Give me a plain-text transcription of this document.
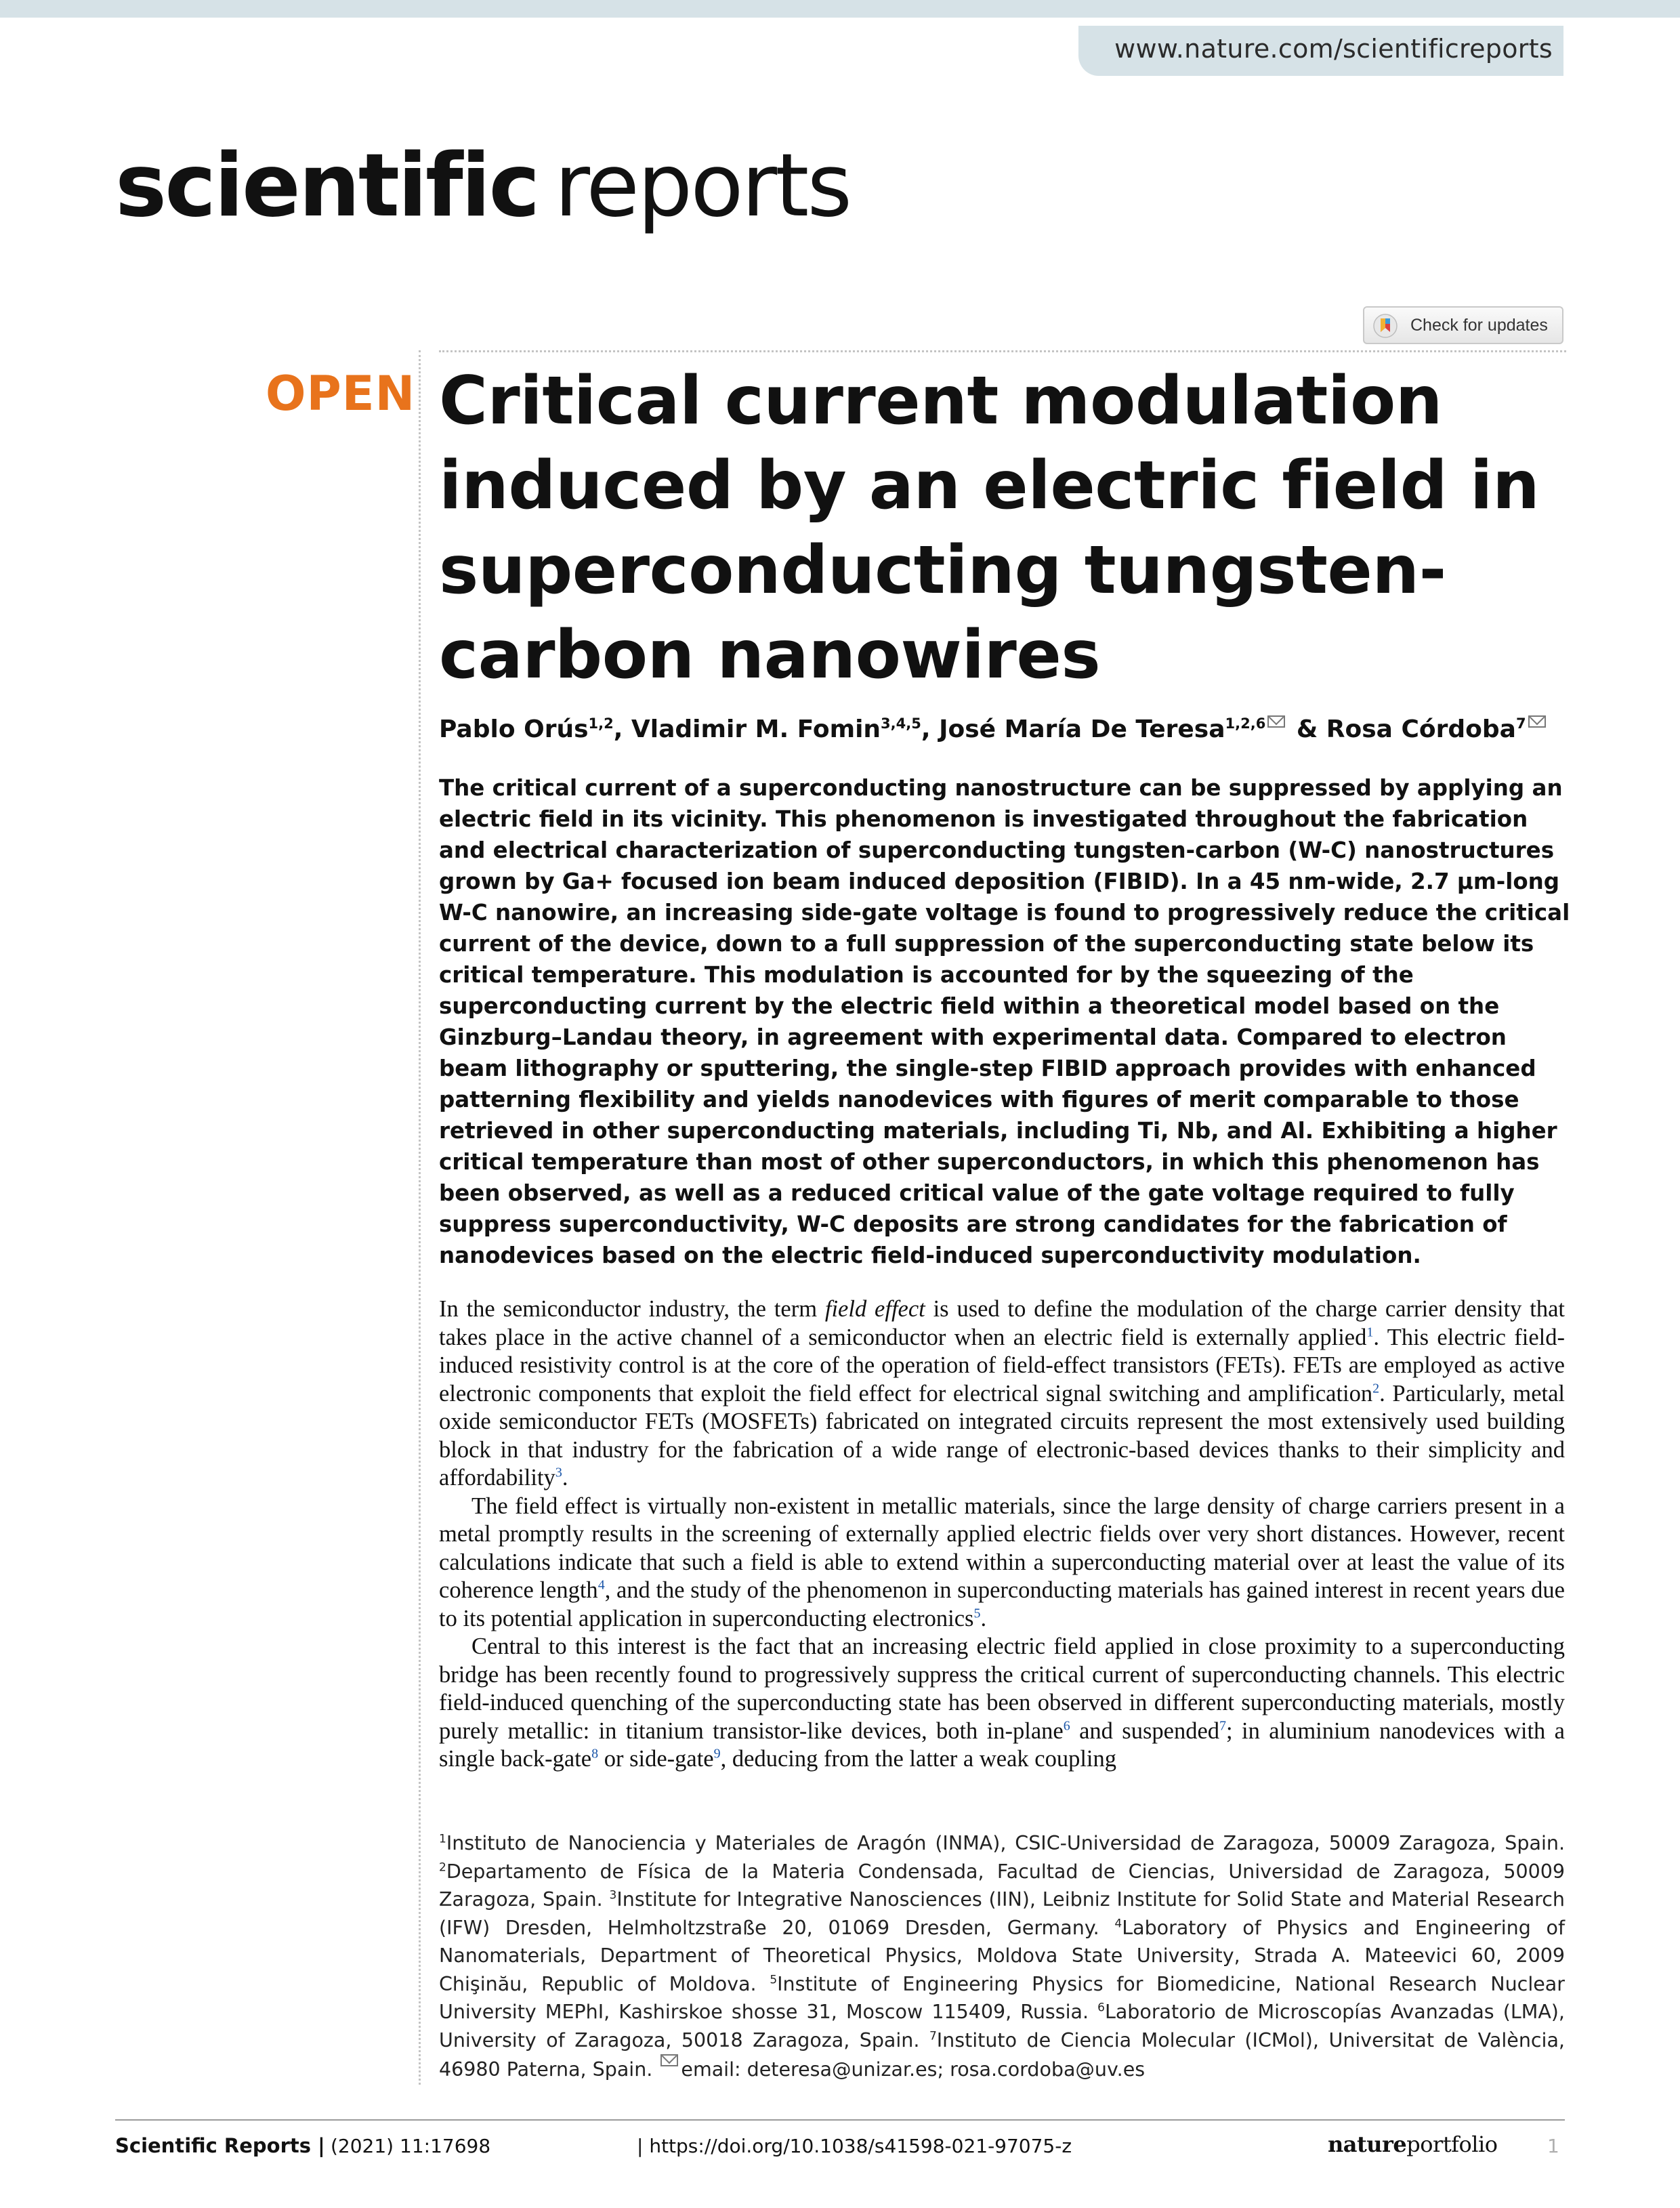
www.nature.com/scientificreports
scientific reports
Check for updates
OPEN Critical current modulation induced by an electric field in superconducting tungsten-carbon nanowires
Pablo Orús$^{1,2}$, Vladimir M. Fomin$^{3,4,5}$, José María De Teresa$^{1,2,6}$ & Rosa Córdoba$^7$

The critical current of a superconducting nanostructure can be suppressed by applying an electric field in its vicinity. This phenomenon is investigated throughout the fabrication and electrical characterization of superconducting tungsten-carbon (W-C) nanostructures grown by Ga+ focused ion beam induced deposition (FIBID). In a 45 nm-wide, 2.7 µm-long W-C nanowire, an increasing side-gate voltage is found to progressively reduce the critical current of the device, down to a full suppression of the superconducting state below its critical temperature. This modulation is accounted for by the squeezing of the superconducting current by the electric field within a theoretical model based on the Ginzburg–Landau theory, in agreement with experimental data. Compared to electron beam lithography or sputtering, the single-step FIBID approach provides with enhanced patterning flexibility and yields nanodevices with figures of merit comparable to those retrieved in other superconducting materials, including Ti, Nb, and Al. Exhibiting a higher critical temperature than most of other superconductors, in which this phenomenon has been observed, as well as a reduced critical value of the gate voltage required to fully suppress superconductivity, W-C deposits are strong candidates for the fabrication of nanodevices based on the electric field-induced superconductivity modulation.

In the semiconductor industry, the term field effect is used to define the modulation of the charge carrier density that takes place in the active channel of a semiconductor when an electric field is externally applied$^1$. This electric field-induced resistivity control is at the core of the operation of field-effect transistors (FETs). FETs are employed as active electronic components that exploit the field effect for electrical signal switching and amplification$^2$. Particularly, metal oxide semiconductor FETs (MOSFETs) fabricated on integrated circuits represent the most extensively used building block in that industry for the fabrication of a wide range of electronic-based devices thanks to their simplicity and affordability$^3$.

The field effect is virtually non-existent in metallic materials, since the large density of charge carriers present in a metal promptly results in the screening of externally applied electric fields over very short distances. However, recent calculations indicate that such a field is able to extend within a superconducting material over at least the value of its coherence length$^4$, and the study of the phenomenon in superconducting materials has gained interest in recent years due to its potential application in superconducting electronics$^5$.

Central to this interest is the fact that an increasing electric field applied in close proximity to a superconducting bridge has been recently found to progressively suppress the critical current of superconducting channels. This electric field-induced quenching of the superconducting state has been observed in different superconducting materials, mostly purely metallic: in titanium transistor-like devices, both in-plane$^6$ and suspended$^7$; in aluminium nanodevices with a single back-gate$^8$ or side-gate$^9$, deducing from the latter a weak coupling

$^1$Instituto de Nanociencia y Materiales de Aragón (INMA), CSIC-Universidad de Zaragoza, 50009 Zaragoza, Spain. $^2$Departamento de Física de la Materia Condensada, Facultad de Ciencias, Universidad de Zaragoza, 50009 Zaragoza, Spain. $^3$Institute for Integrative Nanosciences (IIN), Leibniz Institute for Solid State and Material Research (IFW) Dresden, Helmholtzstraße 20, 01069 Dresden, Germany. $^4$Laboratory of Physics and Engineering of Nanomaterials, Department of Theoretical Physics, Moldova State University, Strada A. Mateevici 60, 2009 Chişinău, Republic of Moldova. $^5$Institute of Engineering Physics for Biomedicine, National Research Nuclear University MEPhI, Kashirskoe shosse 31, Moscow 115409, Russia. $^6$Laboratorio de Microscopías Avanzadas (LMA), University of Zaragoza, 50018 Zaragoza, Spain. $^7$Instituto de Ciencia Molecular (ICMol), Universitat de València, 46980 Paterna, Spain. email: deteresa@unizar.es; rosa.cordoba@uv.es

Scientific Reports | (2021) 11:17698	| https://doi.org/10.1038/s41598-021-97075-z	natureportfolio	1
